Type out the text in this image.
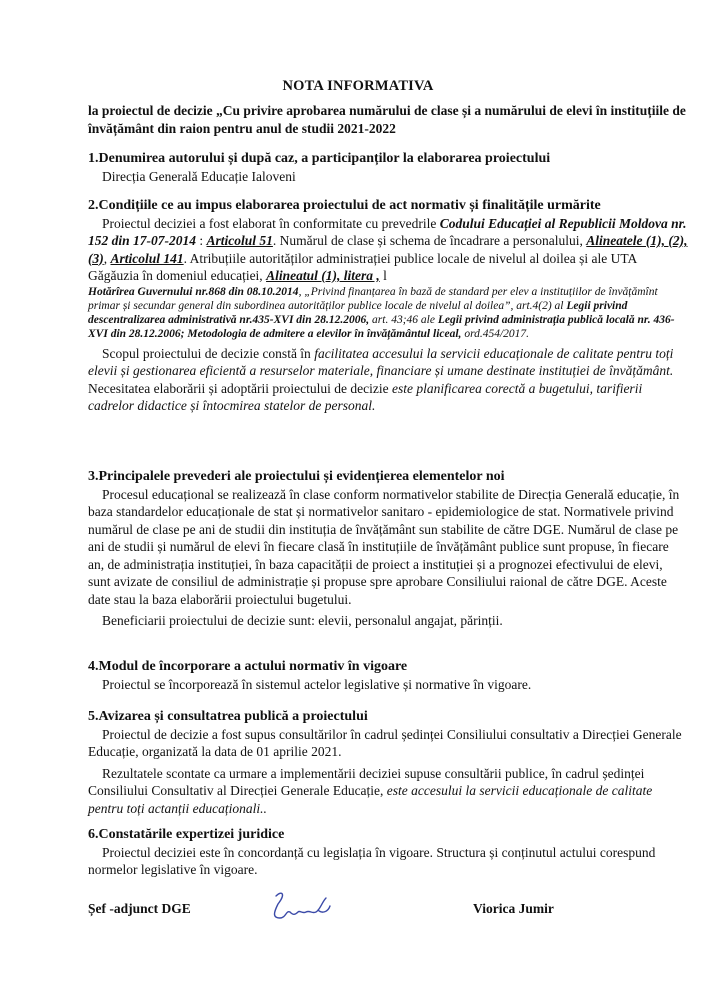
NOTA INFORMATIVA
la proiectul de decizie „Cu privire aprobarea numărului de clase și a numărului de elevi în instituțiile de învățământ din raion pentru anul de studii 2021-2022
1.Denumirea autorului și după caz, a participanților la elaborarea proiectului
Direcția Generală Educație Ialoveni
2.Condițiile ce au impus elaborarea proiectului de act normativ și finalitățile urmărite
Proiectul deciziei a fost elaborat în conformitate cu prevedrile Codului Educației al Republicii Moldova nr. 152 din 17-07-2014 : Articolul 51. Numărul de clase și schema de încadrare a personalului, Alineatele (1), (2), (3), Articolul 141. Atribuțiile autorităților administrației publice locale de nivelul al doilea și ale UTA Găgăuzia în domeniul educației, Alineatul (1), litera , l
Hotărîrea Guvernului nr.868 din 08.10.2014, „Privind finanțarea în bază de standard per elev a instituțiilor de învățămînt primar și secundar general din subordinea autorităților publice locale de nivelul al doilea”, art.4(2) al Legii privind descentralizarea administrativă nr.435-XVI din 28.12.2006, art. 43;46 ale Legii privind administrația publică locală nr. 436-XVI din 28.12.2006; Metodologia de admitere a elevilor în învățământul liceal, ord.454/2017.
Scopul proiectului de decizie constă în facilitatea accesului la servicii educaționale de calitate pentru toți elevii și gestionarea eficientă a resurselor materiale, financiare și umane destinate instituției de învățământ.
Necesitatea elaborării și adoptării proiectului de decizie este planificarea corectă a bugetului, tarifierii cadrelor didactice și întocmirea statelor de personal.
3.Principalele prevederi ale proiectului și evidențierea elementelor noi
Procesul educațional se realizează în clase conform normativelor stabilite de Direcția Generală educație, în baza standardelor educaționale de stat și normativelor sanitaro - epidemiologice de stat. Normativele privind numărul de clase pe ani de studii din instituția de învățământ sun stabilite de către DGE. Numărul de clase pe ani de studii și numărul de elevi în fiecare clasă în instituțiile de învățământ publice sunt propuse, în fiecare an, de administrația instituției, în baza capacității de proiect a instituției și a prognozei efectivului de elevi, sunt avizate de consiliul de administrație și propuse spre aprobare Consiliului raional de către DGE. Aceste date stau la baza elaborării proiectului bugetului.
Beneficiarii proiectului de decizie sunt: elevii, personalul angajat, părinții.
4.Modul de încorporare a actului normativ în vigoare
Proiectul se încorporează în sistemul actelor legislative și normative în vigoare.
5.Avizarea și consultatrea publică a proiectului
Proiectul de decizie a fost supus consultărilor în cadrul ședinței Consiliului consultativ a Direcției Generale Educație, organizată la data de 01 aprilie 2021.
Rezultatele scontate ca urmare a implementării deciziei supuse consultării publice, în cadrul ședinței Consiliului Consultativ al Direcției Generale Educație, este accesului la servicii educaționale de calitate pentru toți actanții educaționali..
6.Constatările expertizei juridice
Proiectul deciziei este în concordanță cu legislația în vigoare. Structura și conținutul actului corespund normelor legislative în vigoare.
Șef -adjunct DGE	Viorica Jumir
